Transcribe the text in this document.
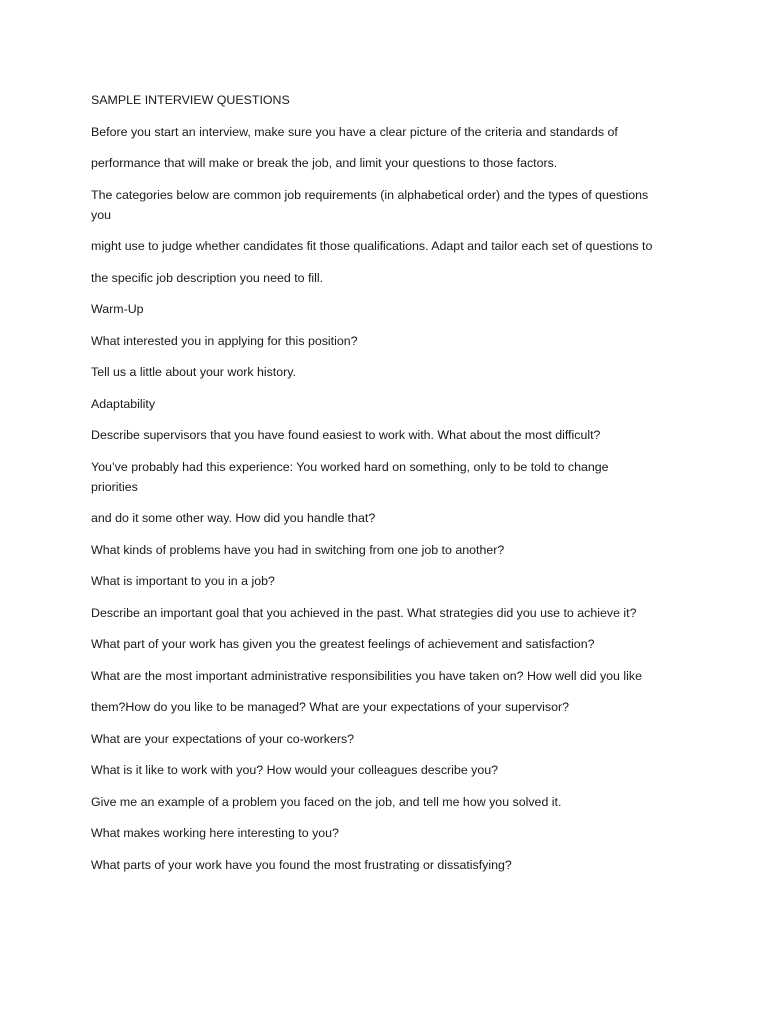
SAMPLE INTERVIEW QUESTIONS
Before you start an interview, make sure you have a clear picture of the criteria and standards of
performance that will make or break the job, and limit your questions to those factors.
The categories below are common job requirements (in alphabetical order) and the types of questions
you
might use to judge whether candidates fit those qualifications. Adapt and tailor each set of questions to
the specific job description you need to fill.
Warm-Up
What interested you in applying for this position?
Tell us a little about your work history.
Adaptability
Describe supervisors that you have found easiest to work with. What about the most difficult?
You’ve probably had this experience: You worked hard on something, only to be told to change
priorities
and do it some other way. How did you handle that?
What kinds of problems have you had in switching from one job to another?
What is important to you in a job?
Describe an important goal that you achieved in the past. What strategies did you use to achieve it?
What part of your work has given you the greatest feelings of achievement and satisfaction?
What are the most important administrative responsibilities you have taken on? How well did you like
them?How do you like to be managed? What are your expectations of your supervisor?
What are your expectations of your co-workers?
What is it like to work with you? How would your colleagues describe you?
Give me an example of a problem you faced on the job, and tell me how you solved it.
What makes working here interesting to you?
What parts of your work have you found the most frustrating or dissatisfying?
